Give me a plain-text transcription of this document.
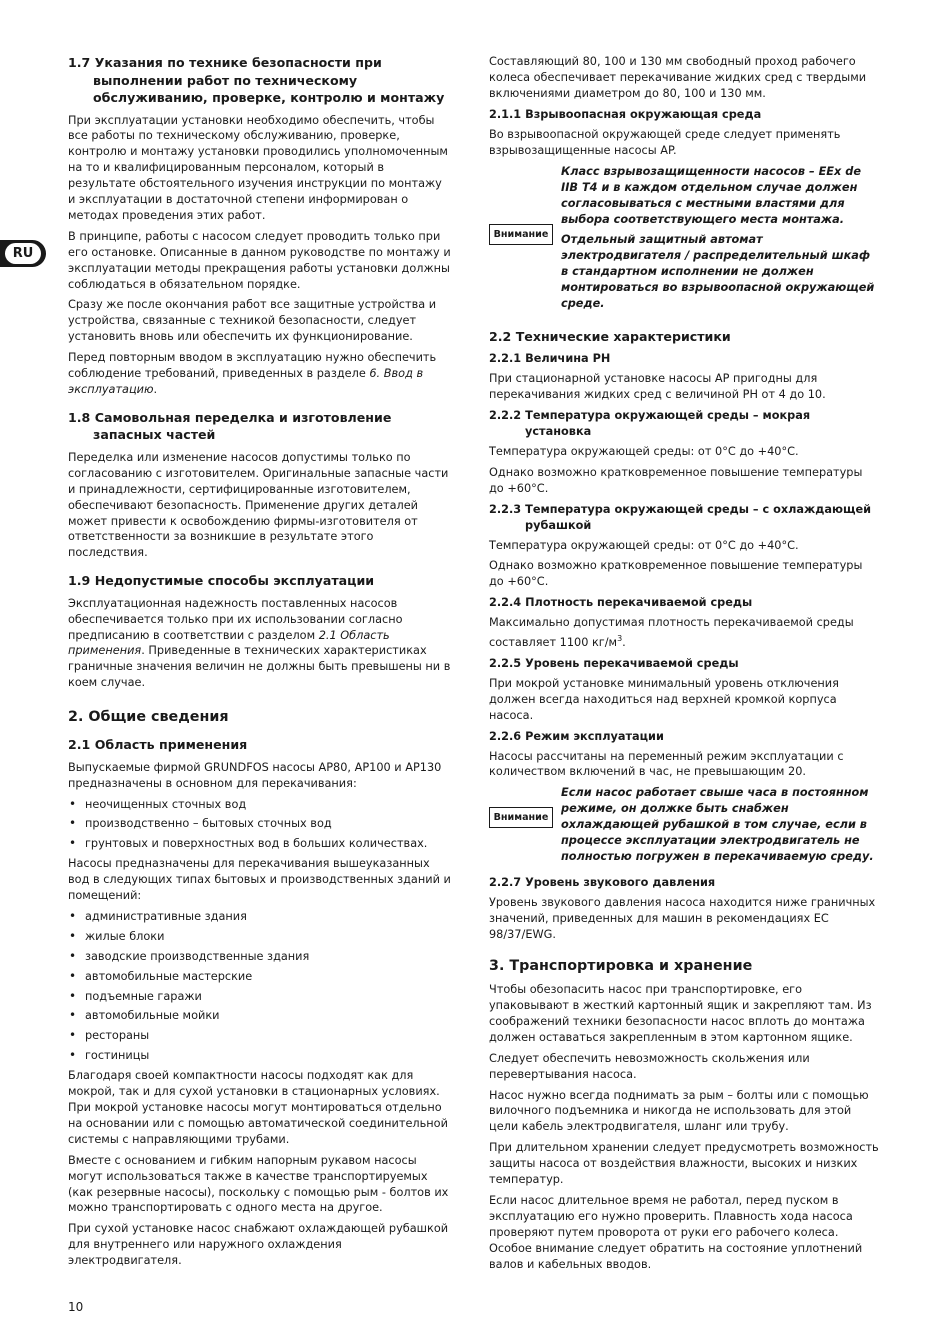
RU
1.7 Указания по технике безопасности при выполнении работ по техническому обслуживанию, проверке, контролю и монтажу

При эксплуатации установки необходимо обеспечить, чтобы все работы по техническому обслуживанию, проверке, контролю и монтажу установки проводились уполномоченным на то и квалифицированным персоналом, который в результате обстоятельного изучения инструкции по монтажу и эксплуатации в достаточной степени информирован о методах проведения этих работ.

В принципе, работы с насосом следует проводить только при его остановке. Описанные в данном руководстве по монтажу и эксплуатации методы прекращения работы установки должны соблюдаться в обязательном порядке.

Сразу же после окончания работ все защитные устройства и устройства, связанные с техникой безопасности, следует установить вновь или обеспечить их функционирование.

Перед повторным вводом в эксплуатацию нужно обеспечить соблюдение требований, приведенных в разделе 6. Ввод в эксплуатацию.

1.8 Самовольная переделка и изготовление запасных частей

Переделка или изменение насосов допустимы только по согласованию с изготовителем. Оригинальные запасные части и принадлежности, сертифицированные изготовителем, обеспечивают безопасность. Применение других деталей может привести к освобождению фирмы-изготовителя от ответственности за возникшие в результате этого последствия.

1.9 Недопустимые способы эксплуатации

Эксплуатационная надежность поставленных насосов обеспечивается только при их использовании согласно предписанию в соответствии с разделом 2.1 Область применения. Приведенные в технических характеристиках граничные значения величин не должны быть превышены ни в коем случае.

2. Общие сведения
2.1 Область применения

Выпускаемые фирмой GRUNDFOS насосы AP80, AP100 и AP130 предназначены в основном для перекачивания:

• неочищенных сточных вод
• производственно – бытовых сточных вод
• грунтовых и поверхностных вод в больших количествах.

Насосы предназначены для перекачивания вышеуказанных вод в следующих типах бытовых и производственных зданий и помещений:

• административные здания
• жилые блоки
• заводские производственные здания
• автомобильные мастерские
• подъемные гаражи
• автомобильные мойки
• рестораны
• гостиницы

Благодаря своей компактности насосы подходят как для мокрой, так и для сухой установки в стационарных условиях. При мокрой установке насосы могут монтироваться отдельно на основании или с помощью автоматической соединительной системы с направляющими трубами.

Вместе с основанием и гибким напорным рукавом насосы могут использоваться также в качестве транспортируемых (как резервные насосы), поскольку с помощью рым - болтов их можно транспортировать с одного места на другое.

При сухой установке насос снабжают охлаждающей рубашкой для внутреннего или наружного охлаждения электродвигателя.

Составляющий 80, 100 и 130 мм свободный проход рабочего колеса обеспечивает перекачивание жидких сред с твердыми включениями диаметром до 80, 100 и 130 мм.

2.1.1 Взрывоопасная окружающая среда

Во взрывоопасной окружающей среде следует применять взрывозащищенные насосы AP.

Внимание

Класс взрывозащищенности насосов – EEx de IIB T4 и в каждом отдельном случае должен согласовываться с местными властями для выбора соответствующего места монтажа.

Отдельный защитный автомат электродвигателя / распределительный шкаф в стандартном исполнении не должен монтироваться во взрывоопасной окружающей среде.

2.2 Технические характеристики
2.2.1 Величина PH

При стационарной установке насосы AP пригодны для перекачивания жидких сред с величиной PH от 4 до 10.

2.2.2 Температура окружающей среды – мокрая установка

Температура окружающей среды: от 0°C до +40°C.

Однако возможно кратковременное повышение температуры до +60°C.

2.2.3 Температура окружающей среды – с охлаждающей рубашкой

Температура окружающей среды: от 0°C до +40°C.

Однако возможно кратковременное повышение температуры до +60°C.

2.2.4 Плотность перекачиваемой среды

Максимально допустимая плотность перекачиваемой среды составляет 1100 $кг/м^3$.

2.2.5 Уровень перекачиваемой среды

При мокрой установке минимальный уровень отключения должен всегда находиться над верхней кромкой корпуса насоса.

2.2.6 Режим эксплуатации

Насосы рассчитаны на переменный режим эксплуатации с количеством включений в час, не превышающим 20.

Внимание

Если насос работает свыше часа в постоянном режиме, он должке быть снабжен охлаждающей рубашкой в том случае, если в процессе эксплуатации электродвигатель не полностью погружен в перекачиваемую среду.

2.2.7 Уровень звукового давления

Уровень звукового давления насоса находится ниже граничных значений, приведенных для машин в рекомендациях EC 98/37/EWG.

3. Транспортировка и хранение

Чтобы обезопасить насос при транспортировке, его упаковывают в жесткий картонный ящик и закрепляют там. Из соображений техники безопасности насос вплоть до монтажа должен оставаться закрепленным в этом картонном ящике.

Следует обеспечить невозможность скольжения или перевертывания насоса.

Насос нужно всегда поднимать за рым – болты или с помощью вилочного подъемника и никогда не использовать для этой цели кабель электродвигателя, шланг или трубу.

При длительном хранении следует предусмотреть возможность защиты насоса от воздействия влажности, высоких и низких температур.

Если насос длительное время не работал, перед пуском в эксплуатацию его нужно проверить. Плавность хода насоса проверяют путем проворота от руки его рабочего колеса. Особое внимание следует обратить на состояние уплотнений валов и кабельных вводов.

10
